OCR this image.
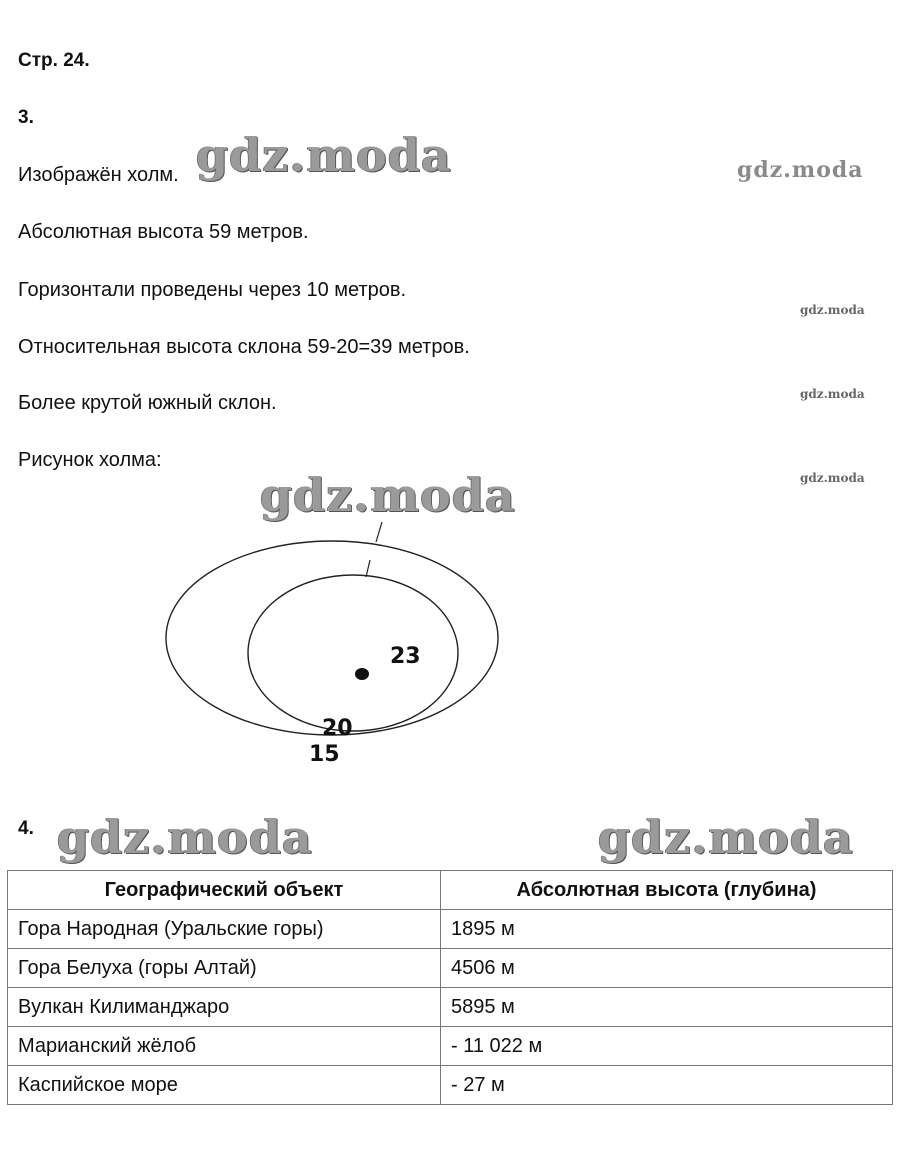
Стр. 24.
3.
Изображён холм.
Абсолютная высота 59 метров.
Горизонтали проведены через 10 метров.
Относительная высота склона 59-20=39 метров.
Более крутой южный склон.
Рисунок холма:
23
20
15
4.
Географический объект	Абсолютная высота (глубина)
Гора Народная (Уральские горы)	1895 м
Гора Белуха (горы Алтай)	4506 м
Вулкан Килиманджаро	5895 м
Марианский жёлоб	- 11 022 м
Каспийское море	- 27 м
gdz.moda	gdz.moda
gdz.moda
gdz.moda
gdz.moda
gdz.moda
gdz.moda	gdz.moda
